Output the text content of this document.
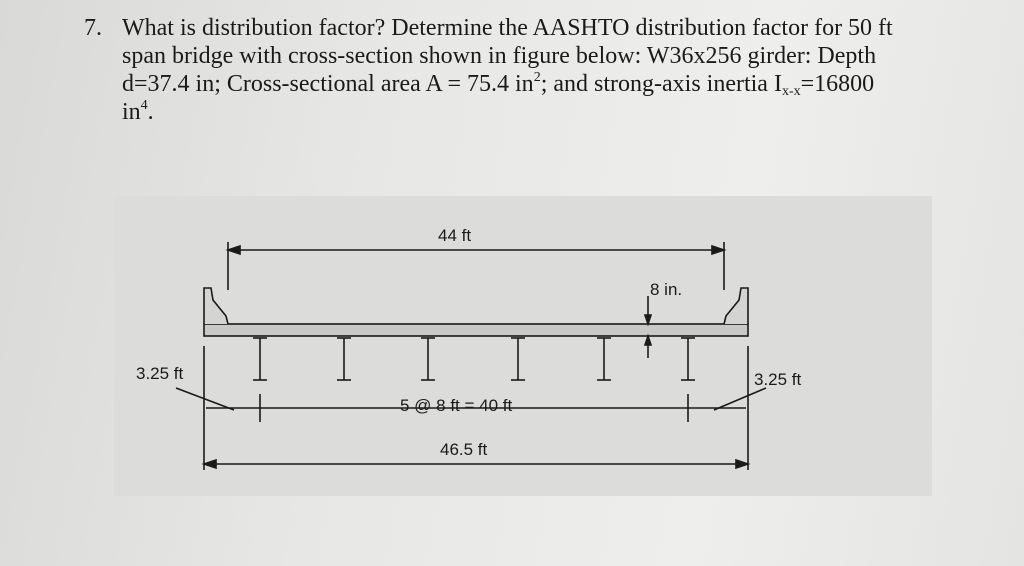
7. What is distribution factor? Determine the AASHTO distribution factor for 50 ft
span bridge with cross-section shown in figure below: W36x256 girder: Depth
d=37.4 in; Cross-sectional area A = 75.4 $in^2$; and strong-axis inertia $I_{x-x}=16800$
$in^4$.
44 ft
8 in.
3.25 ft	3.25 ft
5 @ 8 ft = 40 ft
46.5 ft
